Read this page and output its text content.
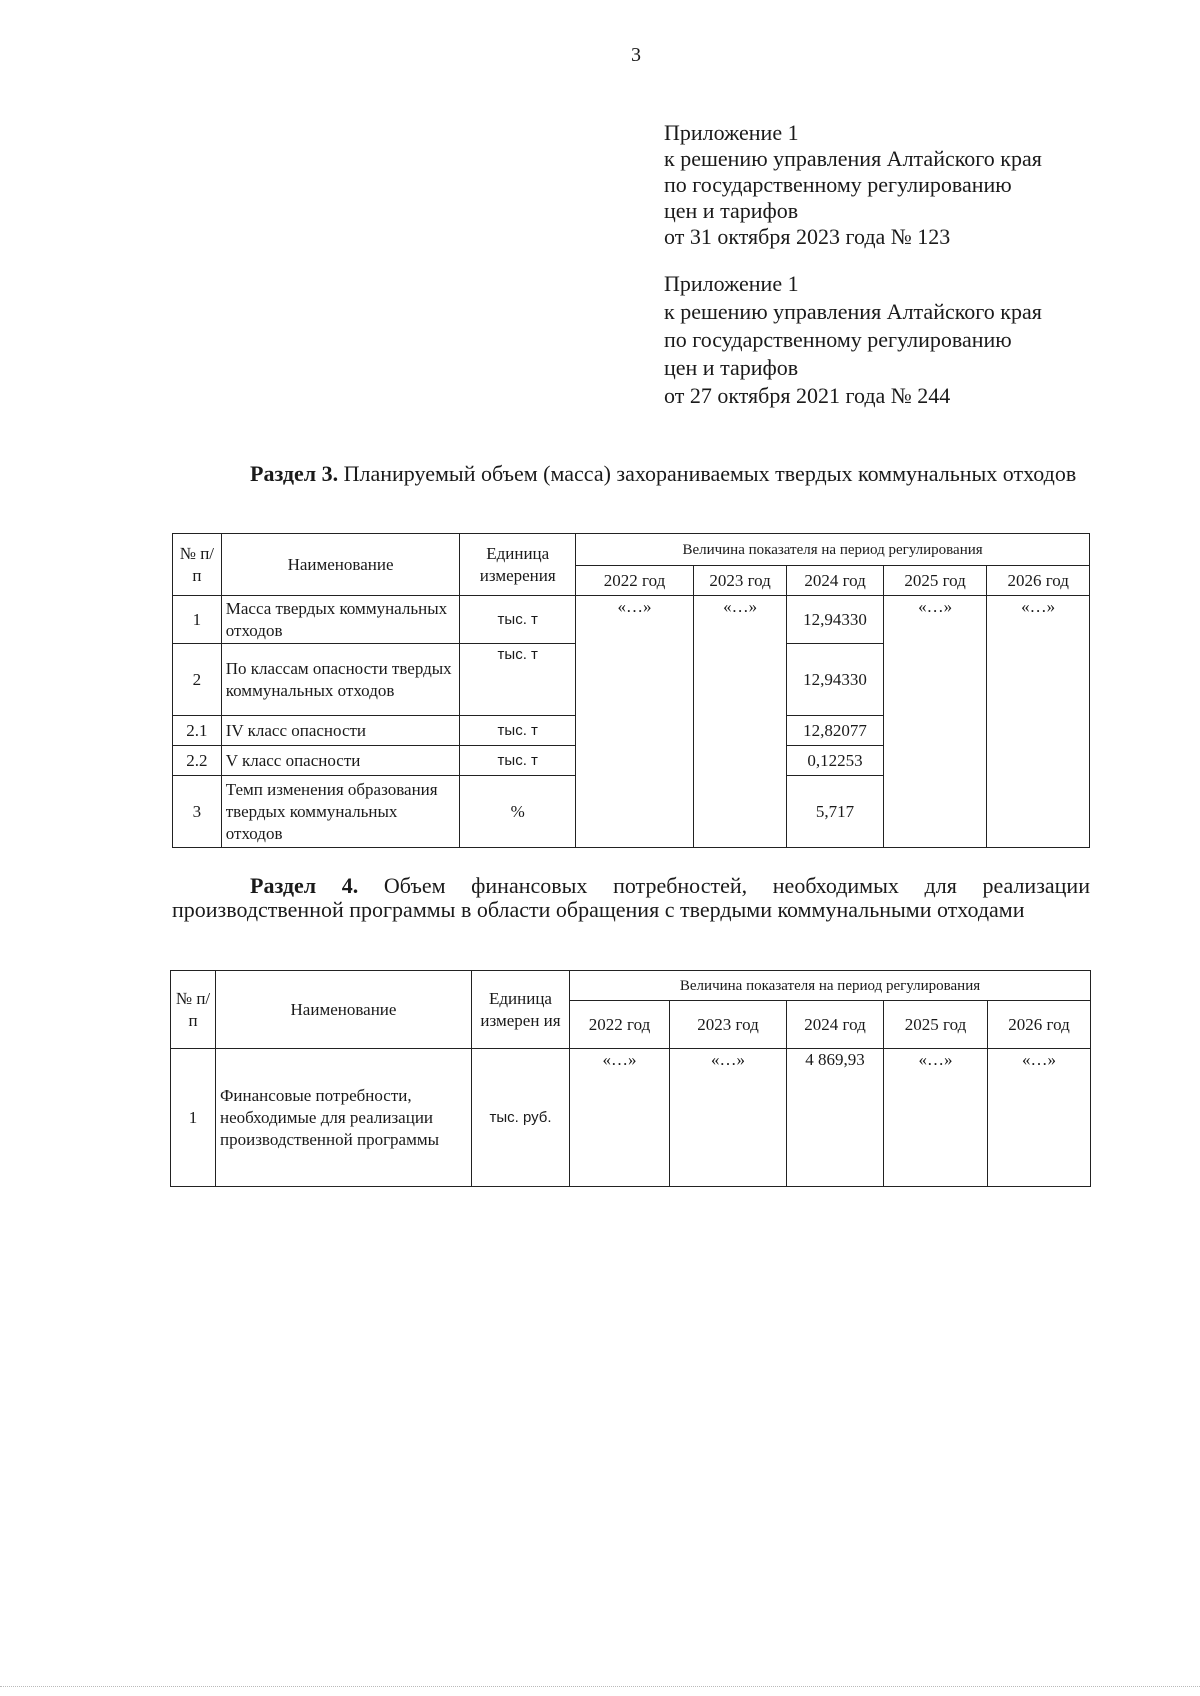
3
Приложение 1
к решению управления Алтайского края
по государственному регулированию
цен и тарифов
от 31 октября 2023 года № 123
Приложение 1
к решению управления Алтайского края
по государственному регулированию
цен и тарифов
от 27 октября 2021 года № 244
Раздел 3. Планируемый объем (масса) захораниваемых твердых коммунальных отходов
№ п/п	Наименование	Единица измерения	Величина показателя на период регулирования				
			2022 год	2023 год	2024 год	2025 год	2026 год
1	Масса твердых коммунальных отходов	тыс. т	«…»	«…»	12,94330	«…»	«…»
2	По классам опасности твердых коммунальных отходов	тыс. т			12,94330		
2.1	IV класс опасности	тыс. т			12,82077		
2.2	V класс опасности	тыс. т			0,12253		
3	Темп изменения образования твердых коммунальных отходов	%			5,717		
Раздел 4. Объем финансовых потребностей, необходимых для реализации производственной программы в области обращения с твердыми коммунальными отходами
№ п/ п	Наименование	Единица измерен ия	Величина показателя на период регулирования				
			2022 год	2023 год	2024 год	2025 год	2026 год
1	Финансовые потребности, необходимые для реализации производственной программы	тыс. руб.	«…»	«…»	4 869,93	«…»	«…»
